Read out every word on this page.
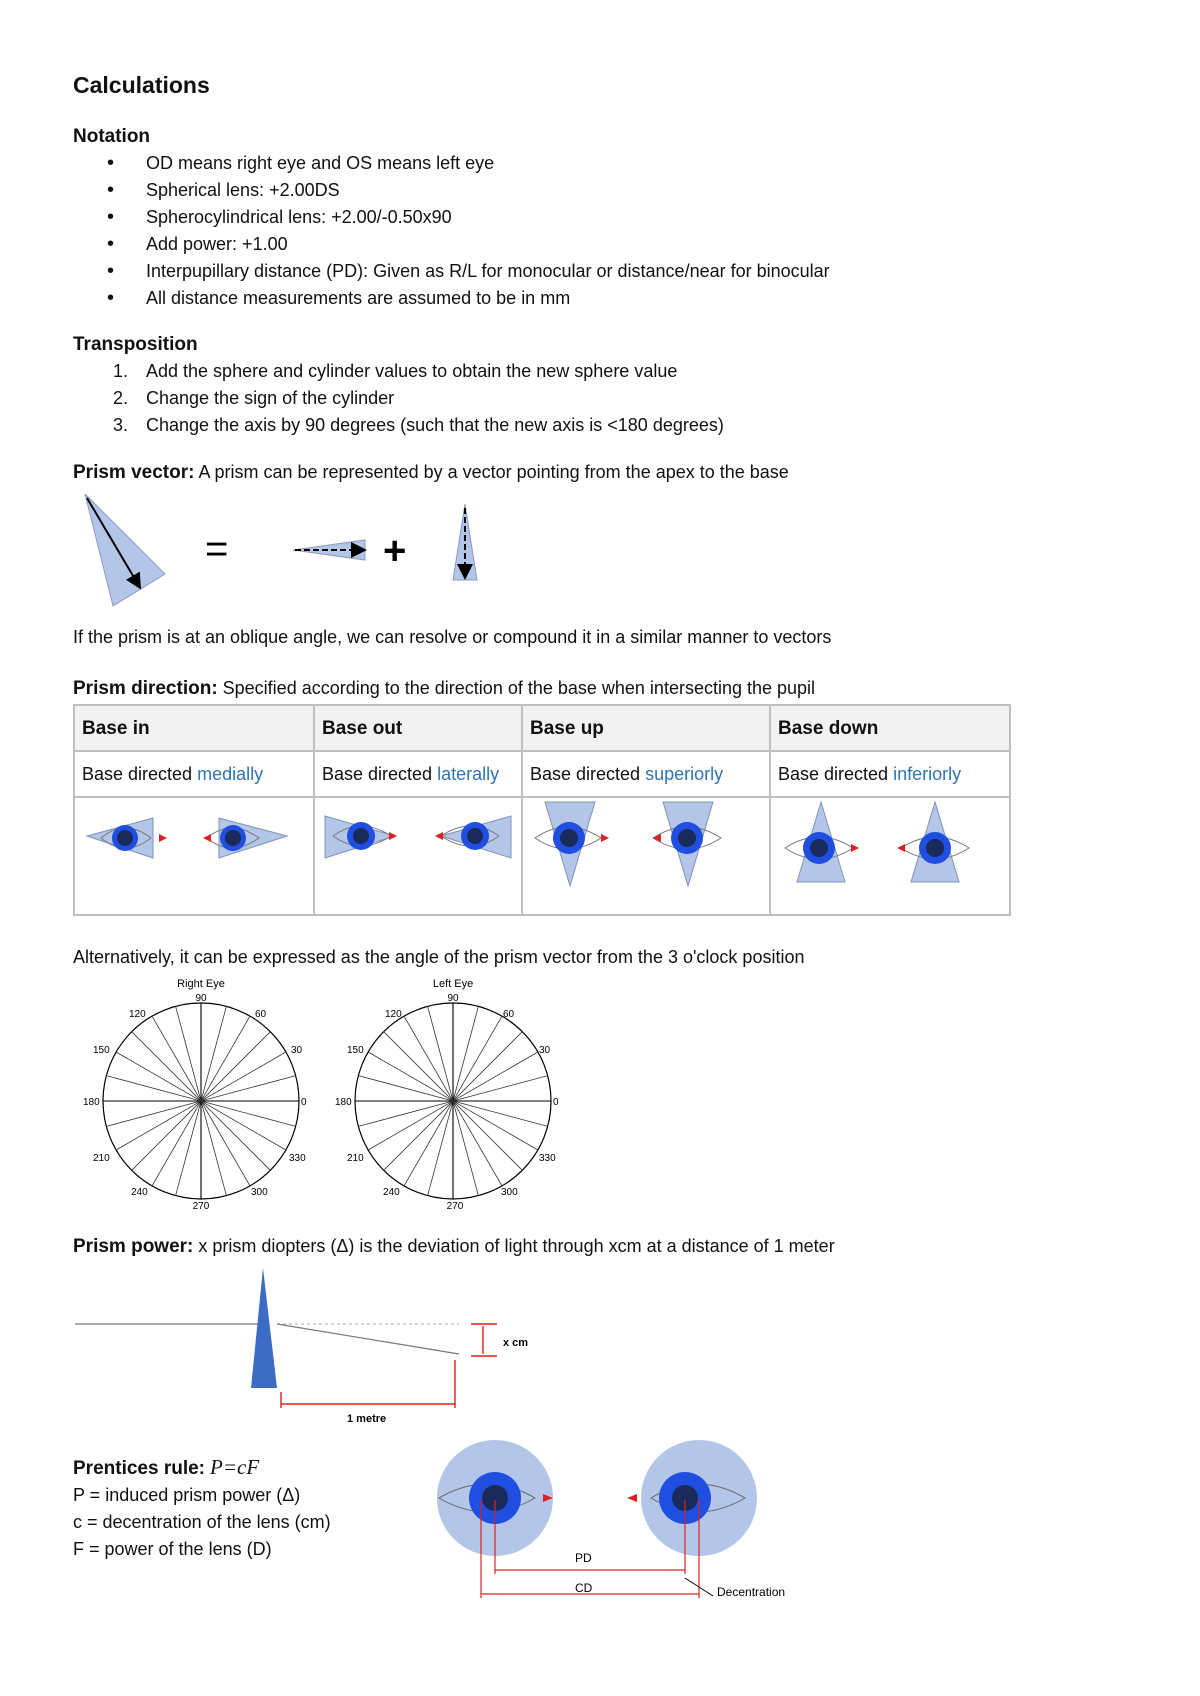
Calculations
Notation
• OD means right eye and OS means left eye
• Spherical lens: +2.00DS
• Spherocylindrical lens: +2.00/-0.50x90
• Add power: +1.00
• Interpupillary distance (PD): Given as R/L for monocular or distance/near for binocular
• All distance measurements are assumed to be in mm
Transposition
1. Add the sphere and cylinder values to obtain the new sphere value
2. Change the sign of the cylinder
3. Change the axis by 90 degrees (such that the new axis is <180 degrees)
Prism vector: A prism can be represented by a vector pointing from the apex to the base
=	+
If the prism is at an oblique angle, we can resolve or compound it in a similar manner to vectors
Prism direction: Specified according to the direction of the base when intersecting the pupil
Base in	Base out	Base up	Base down
Base directed medially	Base directed laterally	Base directed superiorly	Base directed inferiorly

Alternatively, it can be expressed as the angle of the prism vector from the 3 o'clock position
Right Eye
90
60
30
0
330
300
270
240
210
180
150
120
Left Eye
90
60
30
0
330
300
270
240
210
180
150
120
Prism power: x prism diopters (Δ) is the deviation of light through xcm at a distance of 1 meter
x cm
1 metre
Prentices rule: P=cF
P = induced prism power (Δ)
c = decentration of the lens (cm)
F = power of the lens (D)	PD
CD	Decentration
